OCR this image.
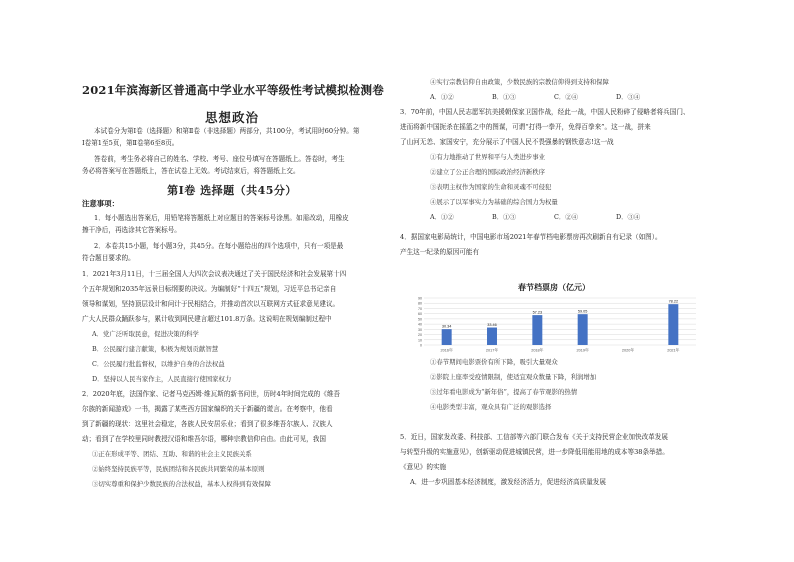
2021年滨海新区普通高中学业水平等级性考试模拟检测卷
思想政治
本试卷分为第Ⅰ卷（选择题）和第Ⅱ卷（非选择题）两部分，共100分，考试用时60分钟。第
Ⅰ卷第1至5页，第Ⅱ卷第6至8页。
答卷前，考生务必将自己的姓名、学校、考号、座位号填写在答题纸上。答卷时，考生
务必将答案写在答题纸上，答在试卷上无效。考试结束后，将答题纸上交。
第Ⅰ卷 选择题（共45分）
注意事项：
1．每小题选出答案后，用铅笔将答题纸上对应题目的答案标号涂黑。如需改动，用橡皮
擦干净后，再选涂其它答案标号。
2．本卷共15小题，每小题3分，共45分。在每小题给出的四个选项中，只有一项是最
符合题目要求的。
1．2021年3月11日，十三届全国人大四次会议表决通过了关于国民经济和社会发展第十四
个五年规划和2035年远景目标纲要的决议。为编制好“十四五”规划，习近平总书记亲自
领导和谋划，坚持顶层设计和问计于民相结合，并推动首次以互联网方式征求意见建议。
广大人民群众踊跃参与，累计收到网民建言超过101.8万条。这说明在规划编制过程中
A．党广泛听取民意，促进决策的科学
B．公民履行建言献策，积极为规划贡献智慧
C．公民履行批监督权，以维护自身的合法权益
D．坚持以人民当家作主，人民直接行使国家权力
2．2020年底，法国作家、记者马克西姆·维瓦斯的新书问世，历时4年时间完成的《维吾
尔族的新闻游戏》一书，揭露了某些西方国家编织的关于新疆的谎言。在考察中，他看
到了新疆的现状：这里社会稳定，各族人民安居乐业；看到了很多维吾尔族人、汉族人
动；看到了在学校里同时教授汉语和维吾尔语，哪种宗教信仰自由。由此可见，我国
①正在形成平等、团结、互助、和谐的社会主义民族关系
②始终坚持民族平等，民族团结和各民族共同繁荣的基本原则
③切实尊重和保护少数民族的合法权益，基本人权得到有效保障
④实行宗教信仰自由政策，少数民族的宗教信仰得到支持和保障
A．①②	B．①③	C．②④	D．③④
3．70年前，中国人民志愿军抗美援朝保家卫国作战，经此一战，中国人民粉碎了侵略者将兵国门、
进而将新中国扼杀在摇篮之中的图谋，可谓“打得一拳开，免得百拳来”。这一战，拼来
了山河无恙、家国安宁，充分展示了中国人民不畏强暴的钢铁意志!这一战
①有力地推动了世界和平与人类进步事业
②建立了公正合理的国际政治经济新秩序
③表明主权作为国家的生命和灵魂不可侵犯
④展示了以军事实力为基础的综合国力为权量
A．①②	B．①③	C．②④	D．③④
4．据国家电影局统计，中国电影市场2021年春节档电影票房再次刷新自有记录（如图）。
产生这一纪录的原因可能有
春节档票房（亿元）
0
10
20
30
40
50
60
70
80
90
30.34
2016年
33.46
2017年
57.23
2018年
59.05
2019年	2020年
78.22
2021年
①春节期间电影票价有所下降，吸引大量观众
②影院上座率受疫情限制，使适宜观众数量下降，利润增加
③过年看电影成为“新年俗”，提高了春节观影的热情
④电影类型丰富，观众具有广泛的观影选择
5．近日，国家发改委、科技部、工信部等六部门联合发布《关于支持民营企业加快改革发展
与转型升级的实施意见》，创新驱动促进城镇民营，进一步降低用能用地的成本等38条举措。
《意见》的实施
A．进一步巩固基本经济制度，激发经济活力，促进经济高质量发展
